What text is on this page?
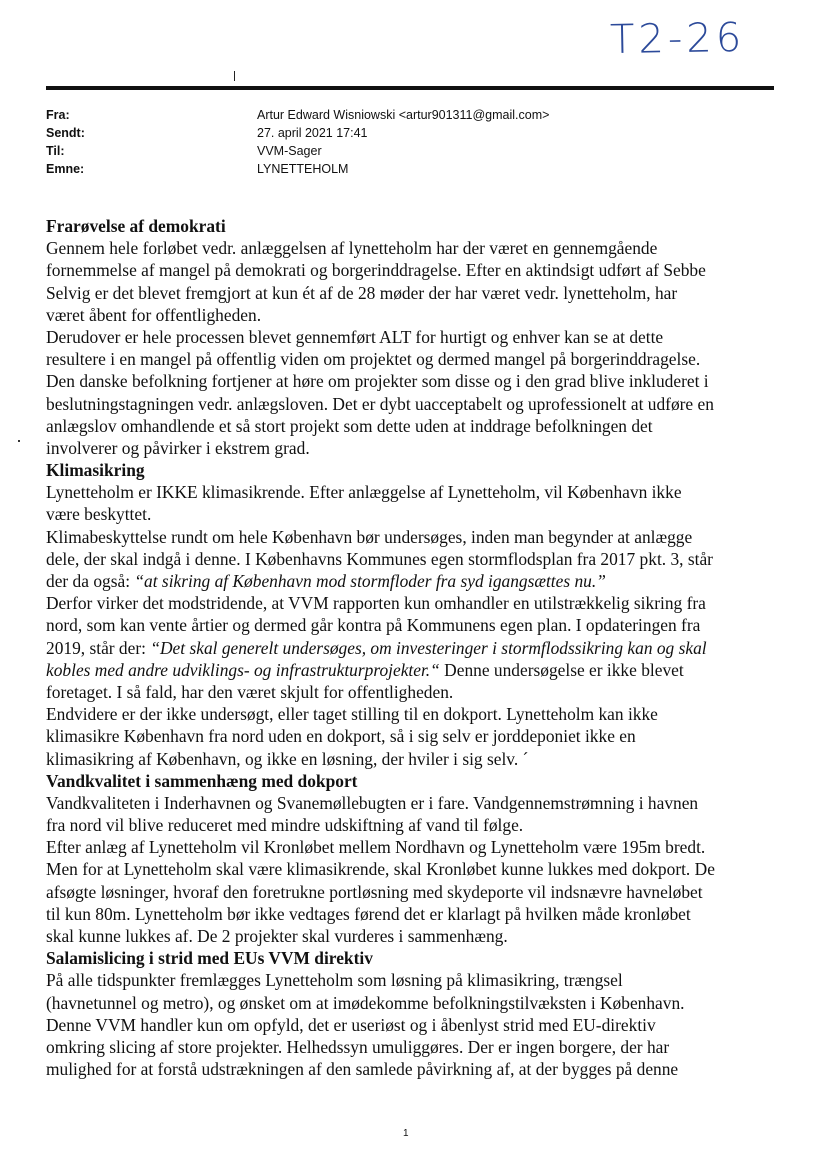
T2-26
Fra:	Artur Edward Wisniowski <artur901311@gmail.com>
Sendt:	27. april 2021 17:41
Til:	VVM-Sager
Emne:	LYNETTEHOLM
Frarøvelse af demokrati
Gennem hele forløbet vedr. anlæggelsen af lynetteholm har der været en gennemgående
fornemmelse af mangel på demokrati og borgerinddragelse. Efter en aktindsigt udført af Sebbe
Selvig er det blevet fremgjort at kun ét af de 28 møder der har været vedr. lynetteholm, har
været åbent for offentligheden.
Derudover er hele processen blevet gennemført ALT for hurtigt og enhver kan se at dette
resultere i en mangel på offentlig viden om projektet og dermed mangel på borgerinddragelse.
Den danske befolkning fortjener at høre om projekter som disse og i den grad blive inkluderet i
beslutningstagningen vedr. anlægsloven. Det er dybt uacceptabelt og uprofessionelt at udføre en
anlægslov omhandlende et så stort projekt som dette uden at inddrage befolkningen det
involverer og påvirker i ekstrem grad.
Klimasikring
Lynetteholm er IKKE klimasikrende. Efter anlæggelse af Lynetteholm, vil København ikke
være beskyttet.
Klimabeskyttelse rundt om hele København bør undersøges, inden man begynder at anlægge
dele, der skal indgå i denne. I Københavns Kommunes egen stormflodsplan fra 2017 pkt. 3, står
der da også: “at sikring af København mod stormfloder fra syd igangsættes nu.”
Derfor virker det modstridende, at VVM rapporten kun omhandler en utilstrækkelig sikring fra
nord, som kan vente årtier og dermed går kontra på Kommunens egen plan. I opdateringen fra
2019, står der: “Det skal generelt undersøges, om investeringer i stormflodssikring kan og skal
kobles med andre udviklings- og infrastrukturprojekter.“ Denne undersøgelse er ikke blevet
foretaget. I så fald, har den været skjult for offentligheden.
Endvidere er der ikke undersøgt, eller taget stilling til en dokport. Lynetteholm kan ikke
klimasikre København fra nord uden en dokport, så i sig selv er jorddeponiet ikke en
klimasikring af København, og ikke en løsning, der hviler i sig selv. ´
Vandkvalitet i sammenhæng med dokport
Vandkvaliteten i Inderhavnen og Svanemøllebugten er i fare. Vandgennemstrømning i havnen
fra nord vil blive reduceret med mindre udskiftning af vand til følge.
Efter anlæg af Lynetteholm vil Kronløbet mellem Nordhavn og Lynetteholm være 195m bredt.
Men for at Lynetteholm skal være klimasikrende, skal Kronløbet kunne lukkes med dokport. De
afsøgte løsninger, hvoraf den foretrukne portløsning med skydeporte vil indsnævre havneløbet
til kun 80m. Lynetteholm bør ikke vedtages førend det er klarlagt på hvilken måde kronløbet
skal kunne lukkes af. De 2 projekter skal vurderes i sammenhæng.
Salamislicing i strid med EUs VVM direktiv
På alle tidspunkter fremlægges Lynetteholm som løsning på klimasikring, trængsel
(havnetunnel og metro), og ønsket om at imødekomme befolkningstilvæksten i København.
Denne VVM handler kun om opfyld, det er useriøst og i åbenlyst strid med EU-direktiv
omkring slicing af store projekter. Helhedssyn umuliggøres. Der er ingen borgere, der har
mulighed for at forstå udstrækningen af den samlede påvirkning af, at der bygges på denne
1
